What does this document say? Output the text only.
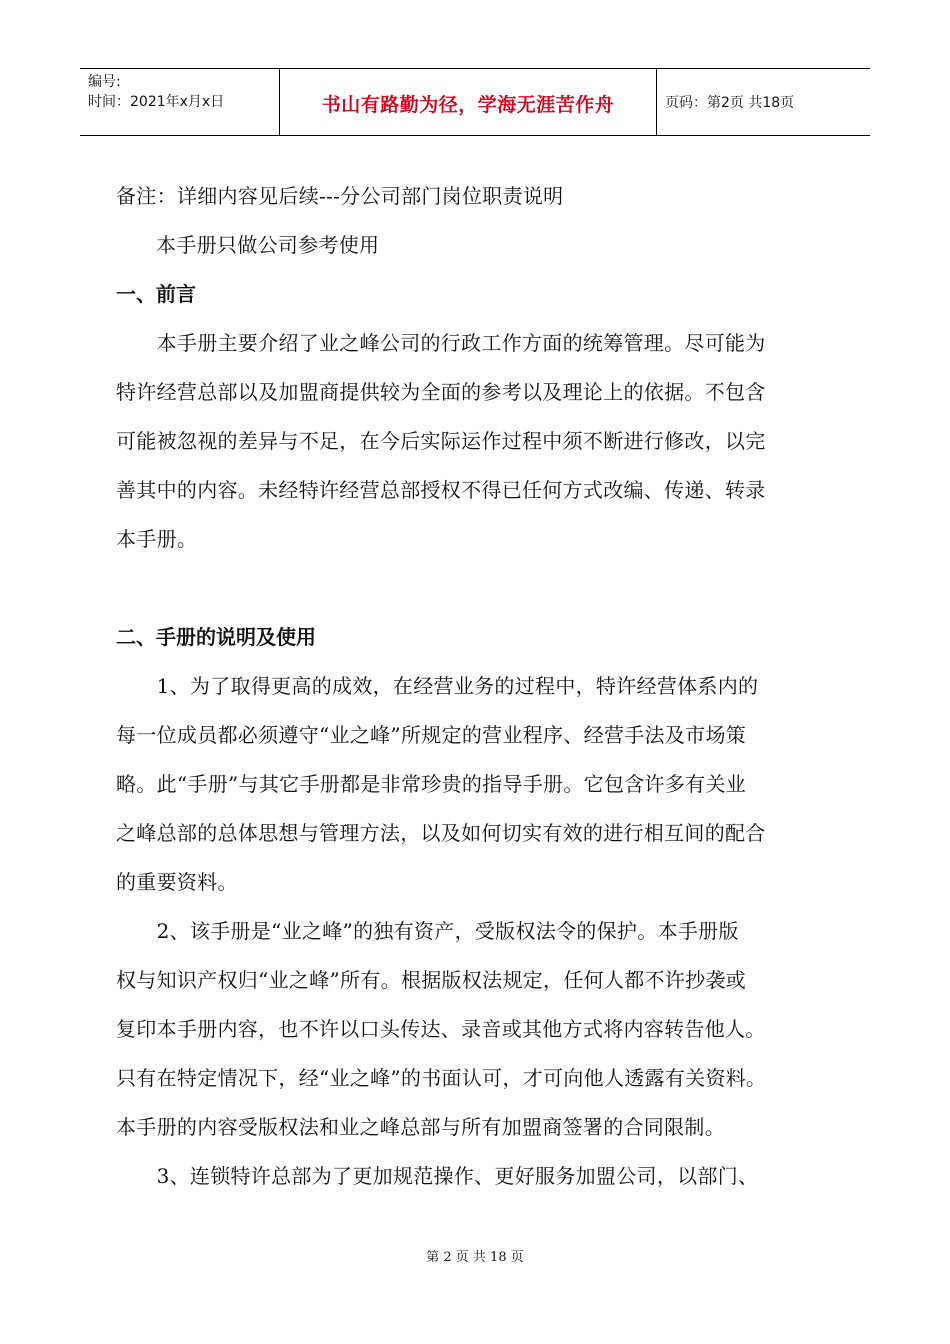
编号:
时间：2021年x月x日	书山有路勤为径，学海无涯苦作舟	页码：第2页 共18页
备注：详细内容见后续---分公司部门岗位职责说明
本手册只做公司参考使用
一、前言
　　本手册主要介绍了业之峰公司的行政工作方面的统筹管理。尽可能为
特许经营总部以及加盟商提供较为全面的参考以及理论上的依据。不包含
可能被忽视的差异与不足，在今后实际运作过程中须不断进行修改，以完
善其中的内容。未经特许经营总部授权不得已任何方式改编、传递、转录
本手册。
二、手册的说明及使用
　　1、为了取得更高的成效，在经营业务的过程中，特许经营体系内的
每一位成员都必须遵守“业之峰”所规定的营业程序、经营手法及市场策
略。此“手册”与其它手册都是非常珍贵的指导手册。它包含许多有关业
之峰总部的总体思想与管理方法，以及如何切实有效的进行相互间的配合
的重要资料。
　　2、该手册是“业之峰”的独有资产，受版权法令的保护。本手册版
权与知识产权归“业之峰”所有。根据版权法规定，任何人都不许抄袭或
复印本手册内容，也不许以口头传达、录音或其他方式将内容转告他人。
只有在特定情况下，经“业之峰”的书面认可，才可向他人透露有关资料。
本手册的内容受版权法和业之峰总部与所有加盟商签署的合同限制。
　　3、连锁特许总部为了更加规范操作、更好服务加盟公司，以部门、
第 2 页 共 18 页
